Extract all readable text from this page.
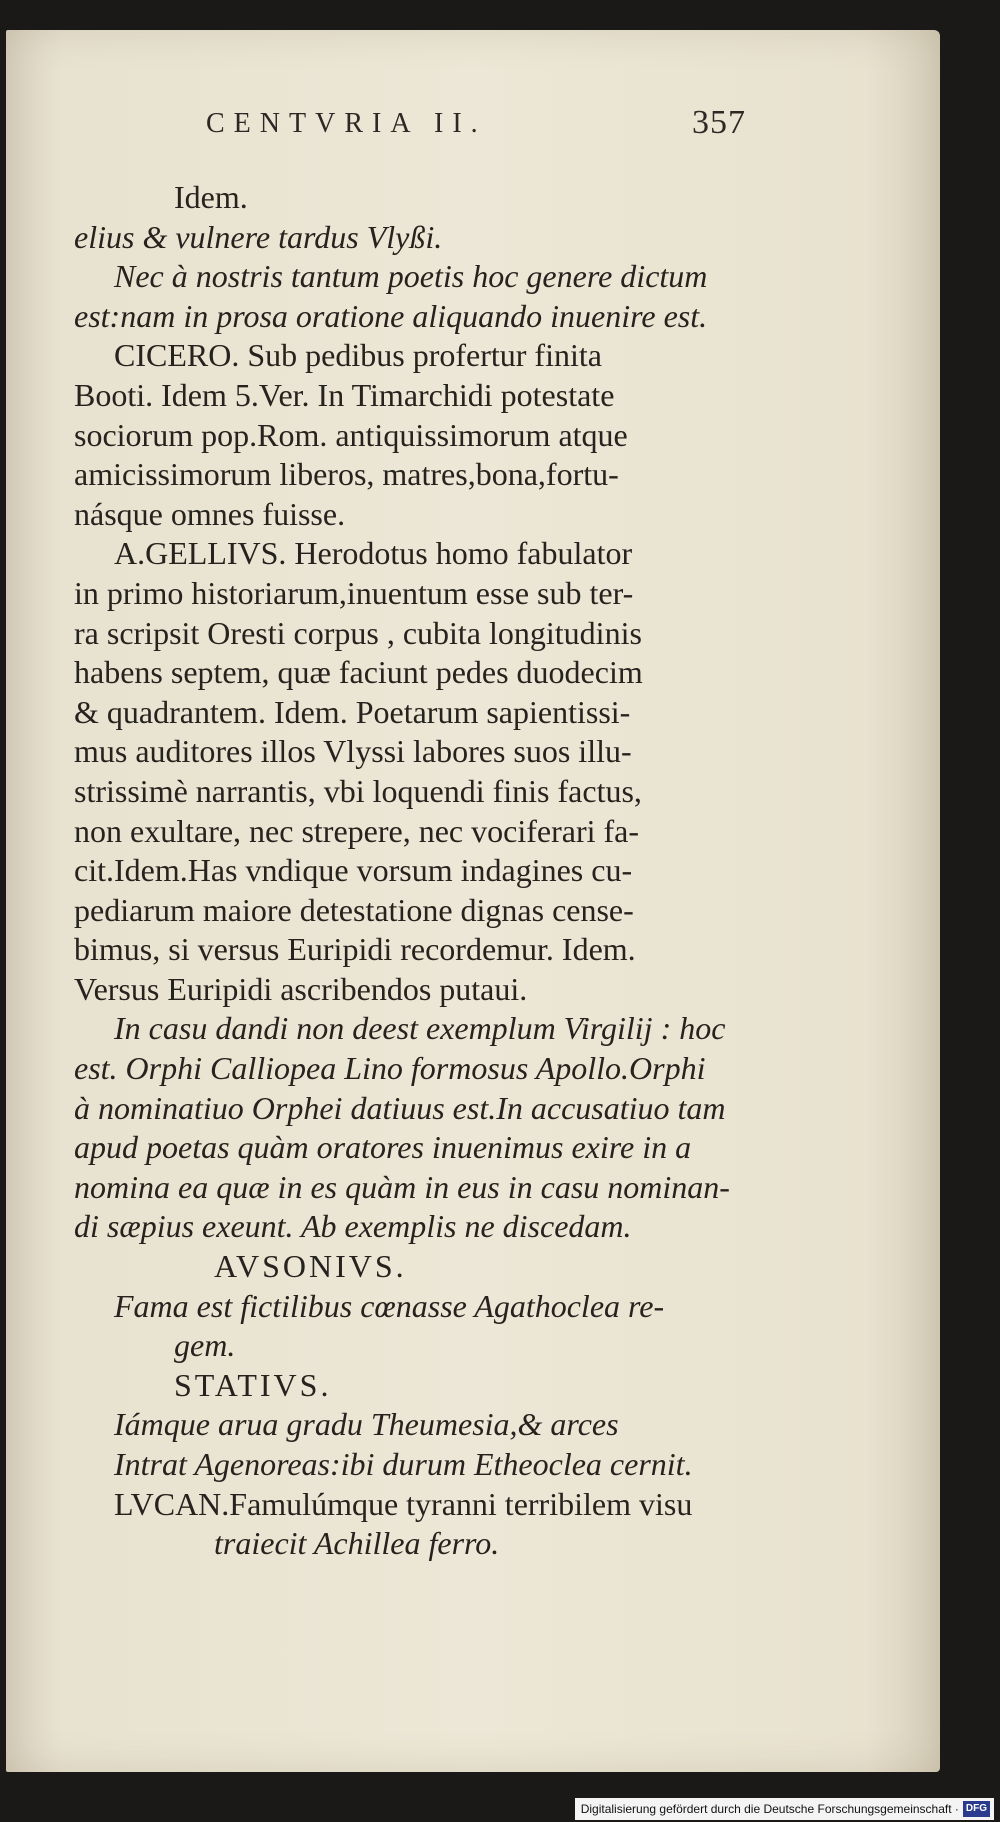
CENTVRIA II.	357
Idem.
elius & vulnere tardus Vlyßi.
Nec à nostris tantum poetis hoc genere dictum
est:nam in prosa oratione aliquando inuenire est.
CICERO. Sub pedibus profertur finita
Booti. Idem 5.Ver. In Timarchidi potestate
sociorum pop.Rom. antiquissimorum atque
amicissimorum liberos, matres,bona,fortu-
násque omnes fuisse.
A.GELLIVS. Herodotus homo fabulator
in primo historiarum,inuentum esse sub ter-
ra scripsit Oresti corpus , cubita longitudinis
habens septem, quæ faciunt pedes duodecim
& quadrantem. Idem. Poetarum sapientissi-
mus auditores illos Vlyssi labores suos illu-
strissimè narrantis, vbi loquendi finis factus,
non exultare, nec strepere, nec vociferari fa-
cit.Idem.Has vndique vorsum indagines cu-
pediarum maiore detestatione dignas cense-
bimus, si versus Euripidi recordemur. Idem.
Versus Euripidi ascribendos putaui.
In casu dandi non deest exemplum Virgilij : hoc
est. Orphi Calliopea Lino formosus Apollo.Orphi
à nominatiuo Orphei datiuus est.In accusatiuo tam
apud poetas quàm oratores inuenimus exire in a
nomina ea quæ in es quàm in eus in casu nominan-
di sæpius exeunt. Ab exemplis ne discedam.
AVSONIVS.
Fama est fictilibus cœnasse Agathoclea re-
gem.
STATIVS.
Iámque arua gradu Theumesia,& arces
Intrat Agenoreas:ibi durum Etheoclea cernit.
LVCAN.Famulúmque tyranni terribilem visu
traiecit Achillea ferro.
Digitalisierung gefördert durch die Deutsche Forschungsgemeinschaft · DFG
